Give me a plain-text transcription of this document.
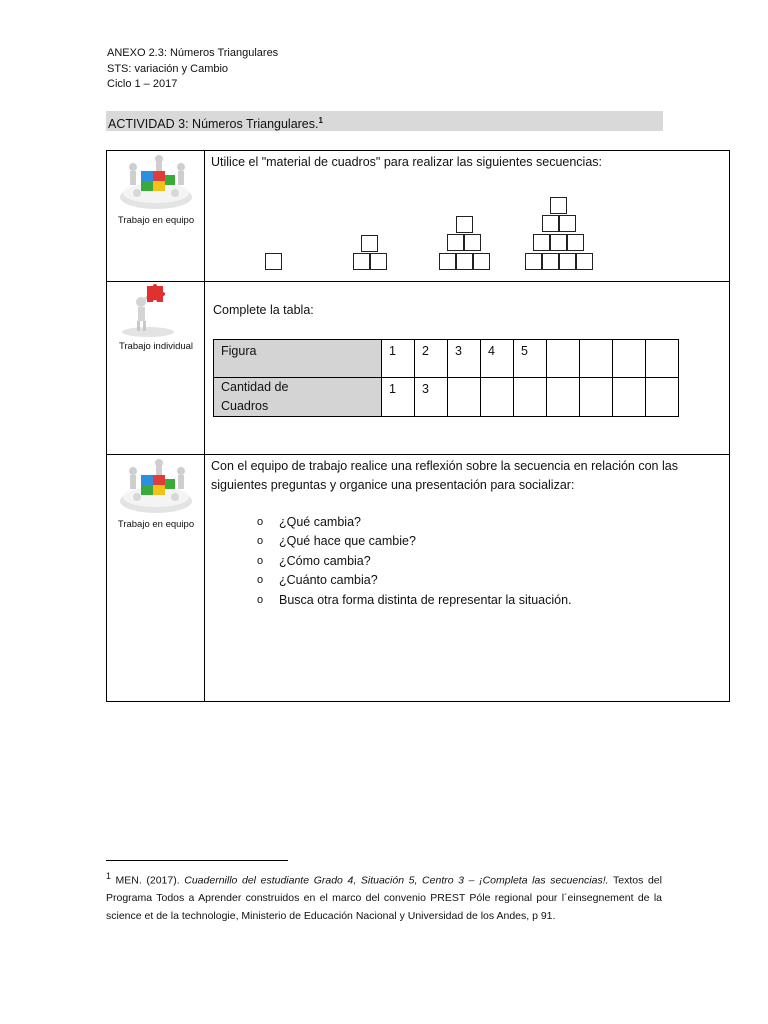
ANEXO 2.3: Números Triangulares
STS: variación y Cambio
Ciclo 1 – 2017
ACTIVIDAD 3: Números Triangulares.$^1$
Trabajo en equipo
Utilice el "material de cuadros" para realizar las siguientes secuencias:
Trabajo individual
Complete la tabla:
Figura	1	2	3	4	5				

Cantidad de
Cuadros	1	3							
Trabajo en equipo
Con el equipo de trabajo realice una reflexión sobre la secuencia en relación con las siguientes preguntas y organice una presentación para socializar:
o ¿Qué cambia?
o ¿Qué hace que cambie?
o ¿Cómo cambia?
o ¿Cuánto cambia?
o Busca otra forma distinta de representar la situación.
$^1$ MEN. (2017). Cuadernillo del estudiante Grado 4, Situación 5, Centro 3 – ¡Completa las secuencias!. Textos del Programa Todos a Aprender construidos en el marco del convenio PREST Póle regional pour l´einsegnement de la science et de la technologie, Ministerio de Educación Nacional y Universidad de los Andes, p 91.
